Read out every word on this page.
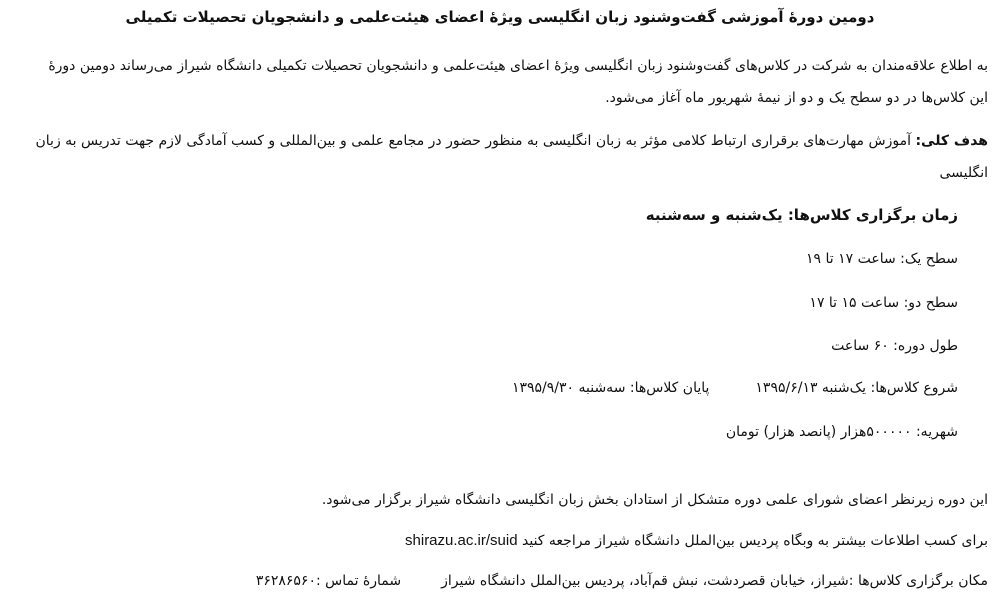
دومین دورهٔ آموزشی گفت‌وشنود زبان انگلیسی ویژهٔ اعضای هیئت‌علمی و دانشجویان تحصیلات تکمیلی
به اطلاع علاقه‌مندان به شرکت در کلاس‌های گفت‌وشنود زبان انگلیسی ویژهٔ اعضای هیئت‌علمی و دانشجویان تحصیلات تکمیلی دانشگاه شیراز می‌رساند دومین دورهٔ
این کلاس‌ها در دو سطح یک و دو از نیمهٔ شهریور ماه آغاز می‌شود.
هدف کلی: آموزش مهارت‌های برقراری ارتباط کلامی مؤثر به زبان انگلیسی به منظور حضور در مجامع علمی و بین‌المللی و کسب آمادگی لازم جهت تدریس به زبان
انگلیسی
زمان برگزاری کلاس‌ها: یک‌شنبه و سه‌شنبه
سطح یک: ساعت ۱۷ تا ۱۹
سطح دو: ساعت ۱۵ تا ۱۷
طول دوره: ۶۰ ساعت
شروع کلاس‌ها: یک‌شنبه ۱۳۹۵/۶/۱۳پایان کلاس‌ها: سه‌شنبه ۱۳۹۵/۹/۳۰
شهریه: ۵۰۰۰۰۰هزار (پانصد هزار) تومان
این دوره زیرنظر اعضای شورای علمی دوره متشکل از استادان بخش زبان انگلیسی دانشگاه شیراز برگزار می‌شود.
برای کسب اطلاعات بیشتر به وبگاه پردیس بین‌الملل دانشگاه شیراز مراجعه کنید shirazu.ac.ir/suid
مکان برگزاری کلاس‌ها :شیراز، خیابان قصردشت، نبش قم‌آباد، پردیس بین‌الملل دانشگاه شیرازشمارهٔ تماس :۳۶۲۸۶۵۶۰
